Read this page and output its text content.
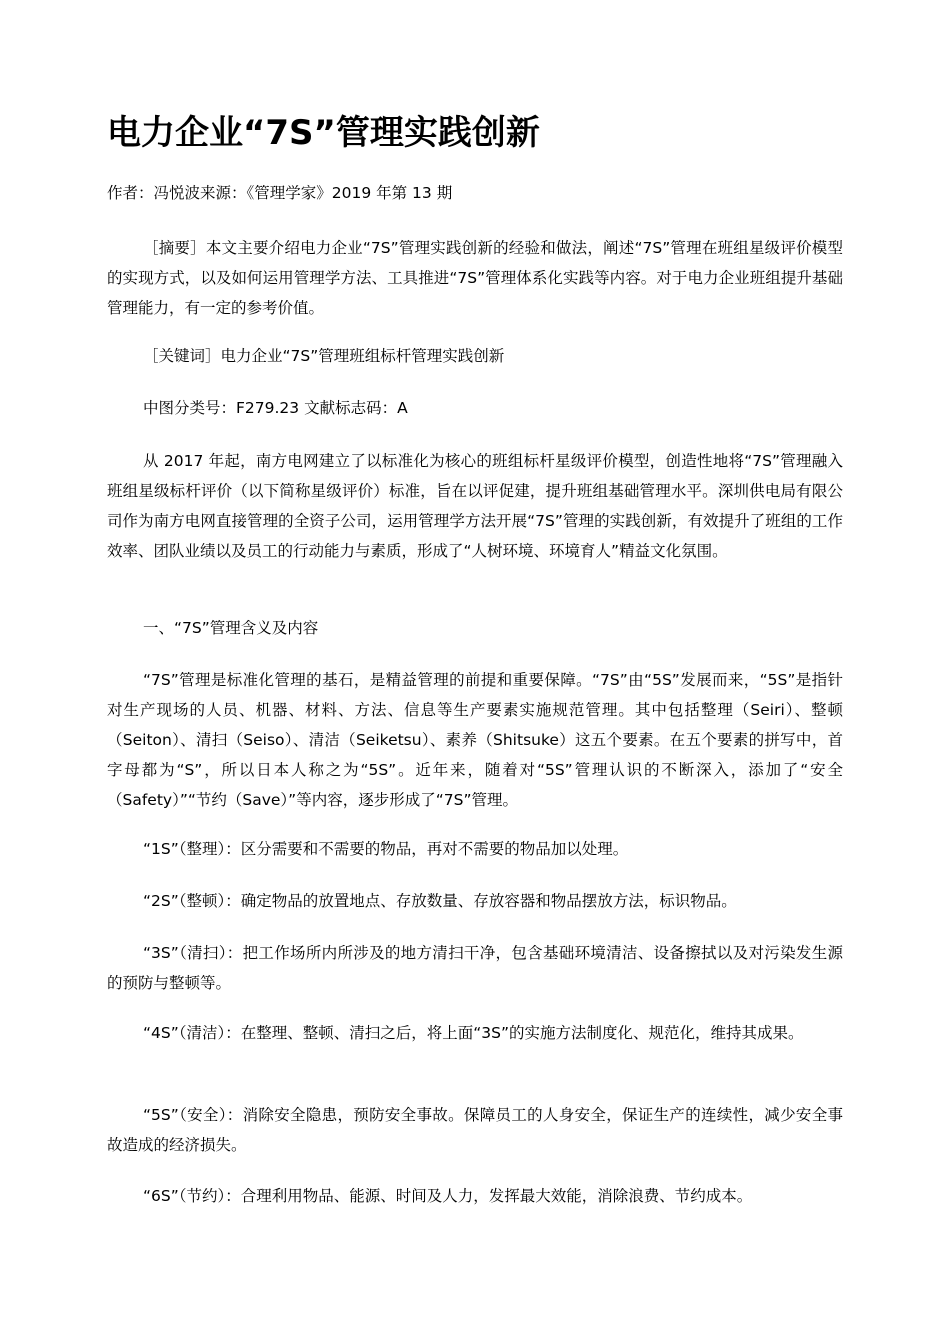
电力企业“7S”管理实践创新

作者：冯悦波来源：《管理学家》2019 年第 13 期

［摘要］本文主要介绍电力企业“7S”管理实践创新的经验和做法，阐述“7S”管理在班组星级评价模型的实现方式，以及如何运用管理学方法、工具推进“7S”管理体系化实践等内容。对于电力企业班组提升基础管理能力，有一定的参考价值。

［关键词］电力企业“7S”管理班组标杆管理实践创新

中图分类号：F279.23 文献标志码：A

从 2017 年起，南方电网建立了以标准化为核心的班组标杆星级评价模型，创造性地将“7S”管理融入班组星级标杆评价（以下简称星级评价）标准，旨在以评促建，提升班组基础管理水平。深圳供电局有限公司作为南方电网直接管理的全资子公司，运用管理学方法开展“7S”管理的实践创新，有效提升了班组的工作效率、团队业绩以及员工的行动能力与素质，形成了“人树环境、环境育人”精益文化氛围。

一、“7S”管理含义及内容

“7S”管理是标准化管理的基石，是精益管理的前提和重要保障。“7S”由“5S”发展而来，“5S”是指针对生产现场的人员、机器、材料、方法、信息等生产要素实施规范管理。其中包括整理（Seiri）、整顿（Seiton）、清扫（Seiso）、清洁（Seiketsu）、素养（Shitsuke）这五个要素。在五个要素的拼写中，首字母都为“S”，所以日本人称之为“5S”。近年来，随着对“5S”管理认识的不断深入，添加了“安全（Safety）”“节约（Save）”等内容，逐步形成了“7S”管理。

“1S”（整理）：区分需要和不需要的物品，再对不需要的物品加以处理。

“2S”（整顿）：确定物品的放置地点、存放数量、存放容器和物品摆放方法，标识物品。

“3S”（清扫）：把工作场所内所涉及的地方清扫干净，包含基础环境清洁、设备擦拭以及对污染发生源的预防与整顿等。

“4S”（清洁）：在整理、整顿、清扫之后，将上面“3S”的实施方法制度化、规范化，维持其成果。

“5S”（安全）：消除安全隐患，预防安全事故。保障员工的人身安全，保证生产的连续性，减少安全事故造成的经济损失。

“6S”（节约）：合理利用物品、能源、时间及人力，发挥最大效能，消除浪费、节约成本。
